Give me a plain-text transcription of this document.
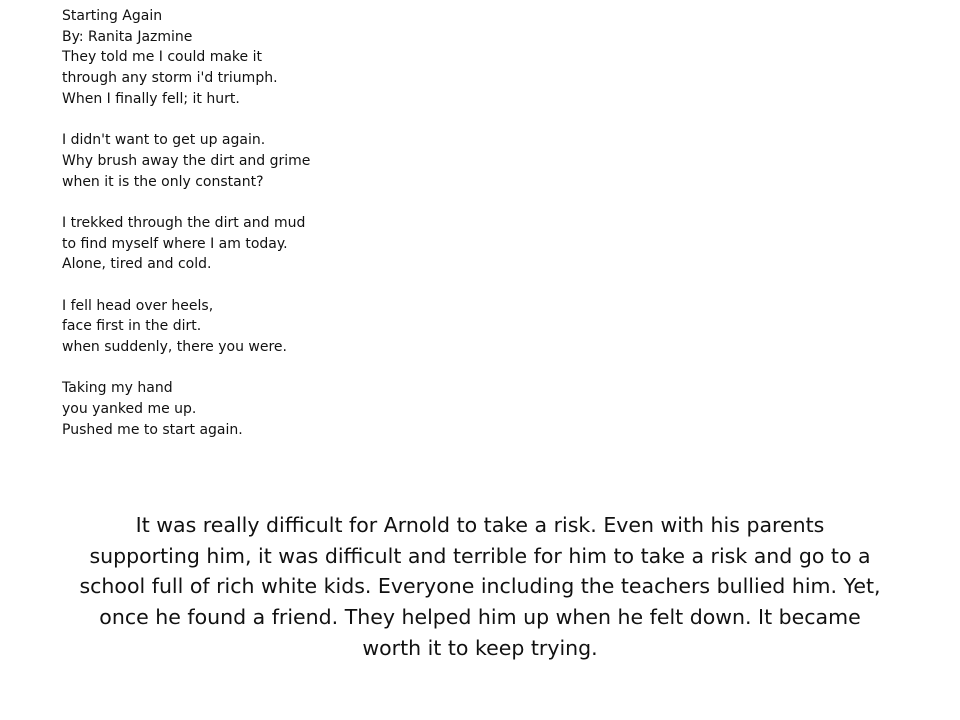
Starting Again
By: Ranita Jazmine
They told me I could make it
through any storm i'd triumph.
When I finally fell; it hurt.
I didn't want to get up again.
Why brush away the dirt and grime
when it is the only constant?
I trekked through the dirt and mud
to find myself where I am today.
Alone, tired and cold.
I fell head over heels,
face first in the dirt.
when suddenly, there you were.
Taking my hand
you yanked me up.
Pushed me to start again.
It was really difficult for Arnold to take a risk. Even with his parents
supporting him, it was difficult and terrible for him to take a risk and go to a
school full of rich white kids. Everyone including the teachers bullied him. Yet,
once he found a friend. They helped him up when he felt down. It became
worth it to keep trying.
